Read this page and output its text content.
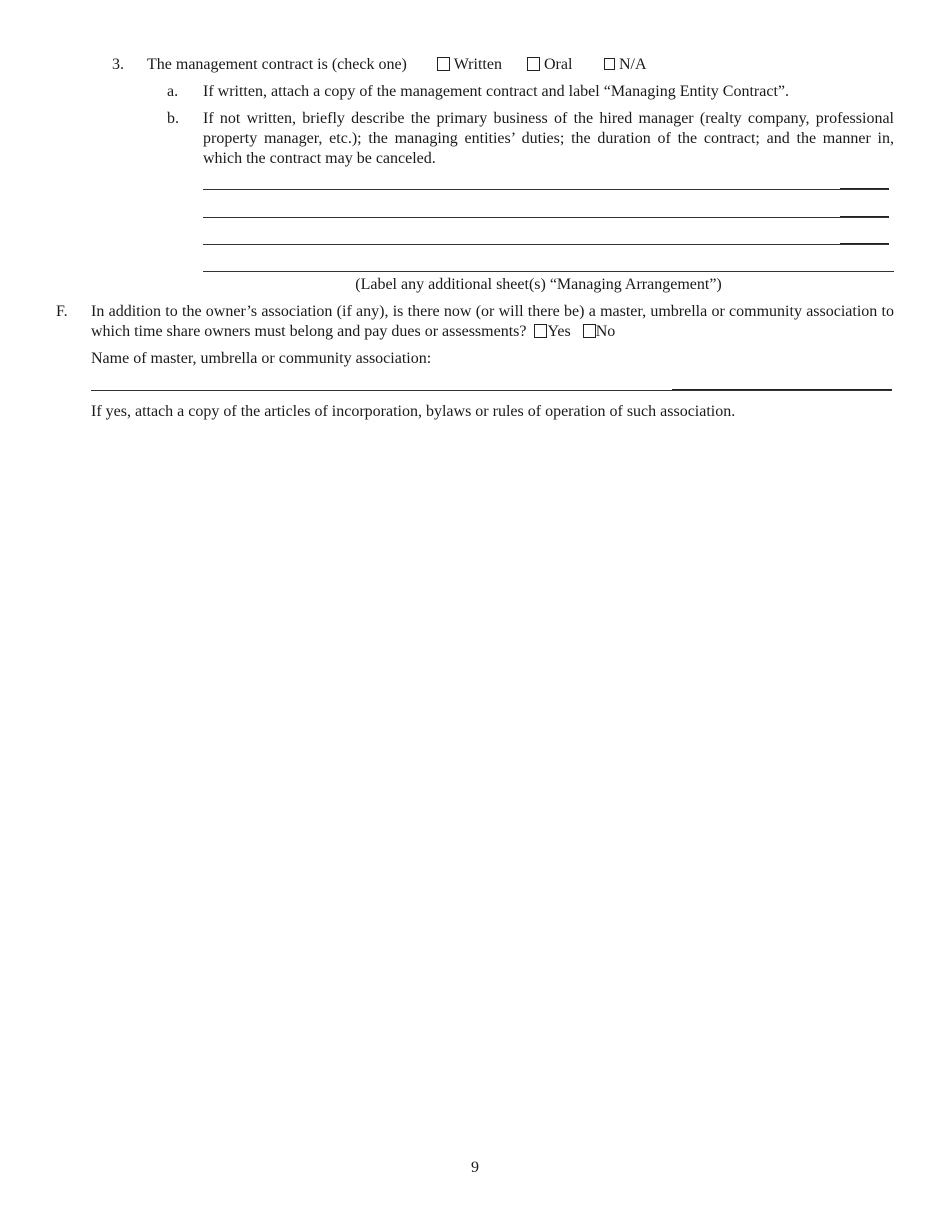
3. The management contract is (check one)	Written	Oral	N/A
a. If written, attach a copy of the management contract and label “Managing Entity Contract”.
b. If not written, briefly describe the primary business of the hired manager (realty company, professional property manager, etc.); the managing entities’ duties; the duration of the contract; and the manner in, which the contract may be canceled.
(Label any additional sheet(s) “Managing Arrangement”)
F. In addition to the owner’s association (if any), is there now (or will there be) a master, umbrella or community association to which time share owners must belong and pay dues or assessments? Yes No
Name of master, umbrella or community association:
If yes, attach a copy of the articles of incorporation, bylaws or rules of operation of such association.
9
